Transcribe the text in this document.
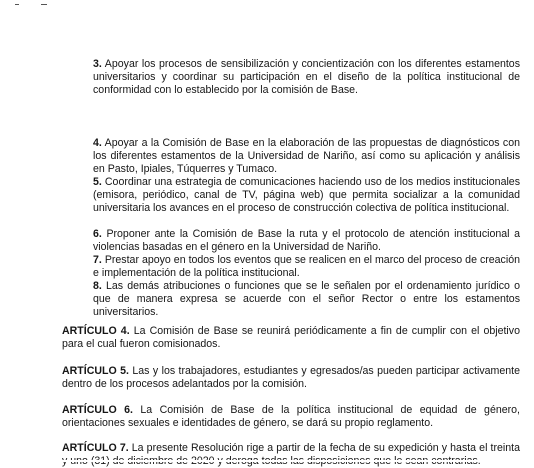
3. Apoyar los procesos de sensibilización y concientización con los diferentes estamentos universitarios y coordinar su participación en el diseño de la política institucional de conformidad con lo establecido por la comisión de Base.

4. Apoyar a la Comisión de Base en la elaboración de las propuestas de diagnósticos con los diferentes estamentos de la Universidad de Nariño, así como su aplicación y análisis en Pasto, Ipiales, Túquerres y Tumaco.

5. Coordinar una estrategia de comunicaciones haciendo uso de los medios institucionales (emisora, periódico, canal de TV, página web) que permita socializar a la comunidad universitaria los avances en el proceso de construcción colectiva de política institucional.

6. Proponer ante la Comisión de Base la ruta y el protocolo de atención institucional a violencias basadas en el género en la Universidad de Nariño.

7. Prestar apoyo en todos los eventos que se realicen en el marco del proceso de creación e implementación de la política institucional.

8. Las demás atribuciones o funciones que se le señalen por el ordenamiento jurídico o que de manera expresa se acuerde con el señor Rector o entre los estamentos universitarios.

ARTÍCULO 4. La Comisión de Base se reunirá periódicamente a fin de cumplir con el objetivo para el cual fueron comisionados.

ARTÍCULO 5. Las y los trabajadores, estudiantes y egresados/as pueden participar activamente dentro de los procesos adelantados por la comisión.

ARTÍCULO 6. La Comisión de Base de la política institucional de equidad de género, orientaciones sexuales e identidades de género, se dará su propio reglamento.

ARTÍCULO 7. La presente Resolución rige a partir de la fecha de su expedición y hasta el treinta
